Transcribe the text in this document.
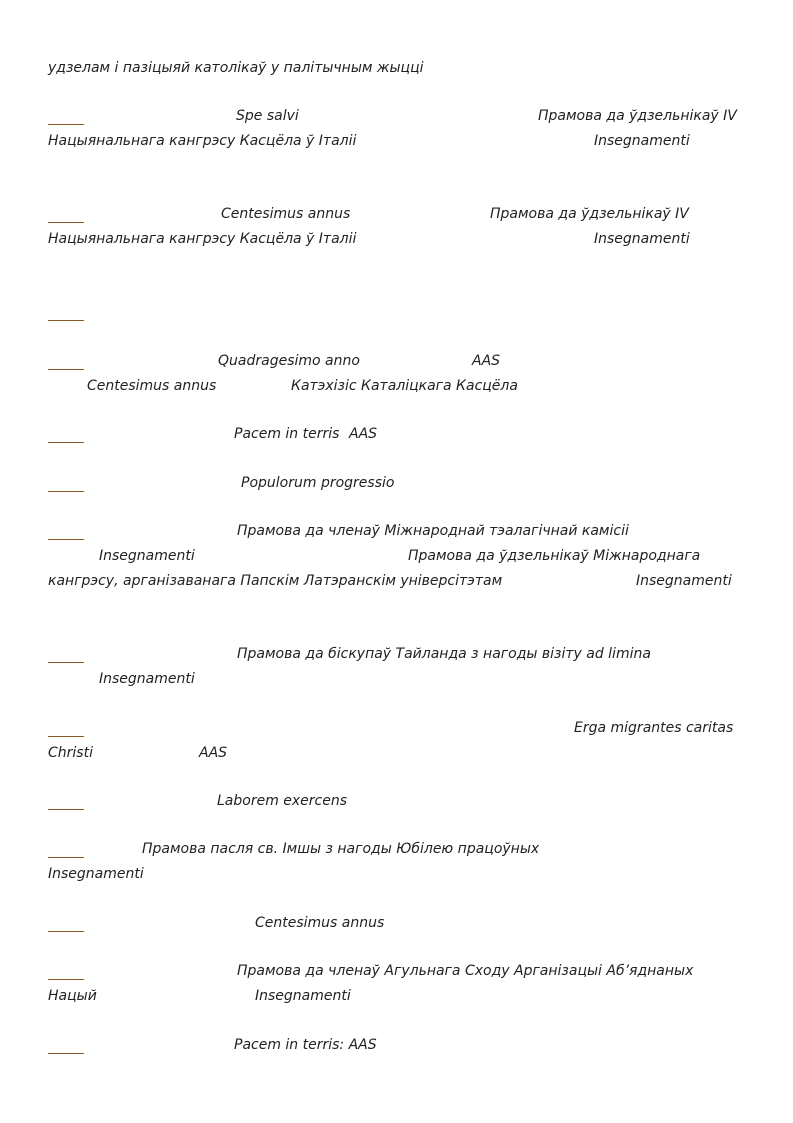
удзелам і пазіцыяй католікаў у палітычным жыцці
Spe salvi	Прамова да ўдзельнікаў IV
Нацыянальнага кангрэсу Касцёла ў Італіі	Insegnamenti
Centesimus annus	Прамова да ўдзельнікаў IV
Нацыянальнага кангрэсу Касцёла ў Італіі	Insegnamenti
Quadragesimo anno	AAS
Centesimus annus	Катэхізіс Каталіцкага Касцёла
Pacem in terris AAS
Populorum progressio
Прамова да членаў Міжнароднай тэалагічнай камісіі
Insegnamenti	Прамова да ўдзельнікаў Міжнароднага
кангрэсу, арганізаванага Папскім Латэранскім універсітэтам	Insegnamenti
Прамова да біскупаў Тайланда з нагоды візіту ad limina
Insegnamenti
Erga migrantes caritas
Christi	AAS
Laborem exercens
Прамова пасля св. Імшы з нагоды Юбілею працоўных
Insegnamenti
Centesimus annus
Прамова да членаў Агульнага Сходу Арганізацыі Аб’яднаных
Нацый	Insegnamenti
Pacem in terris: AAS
